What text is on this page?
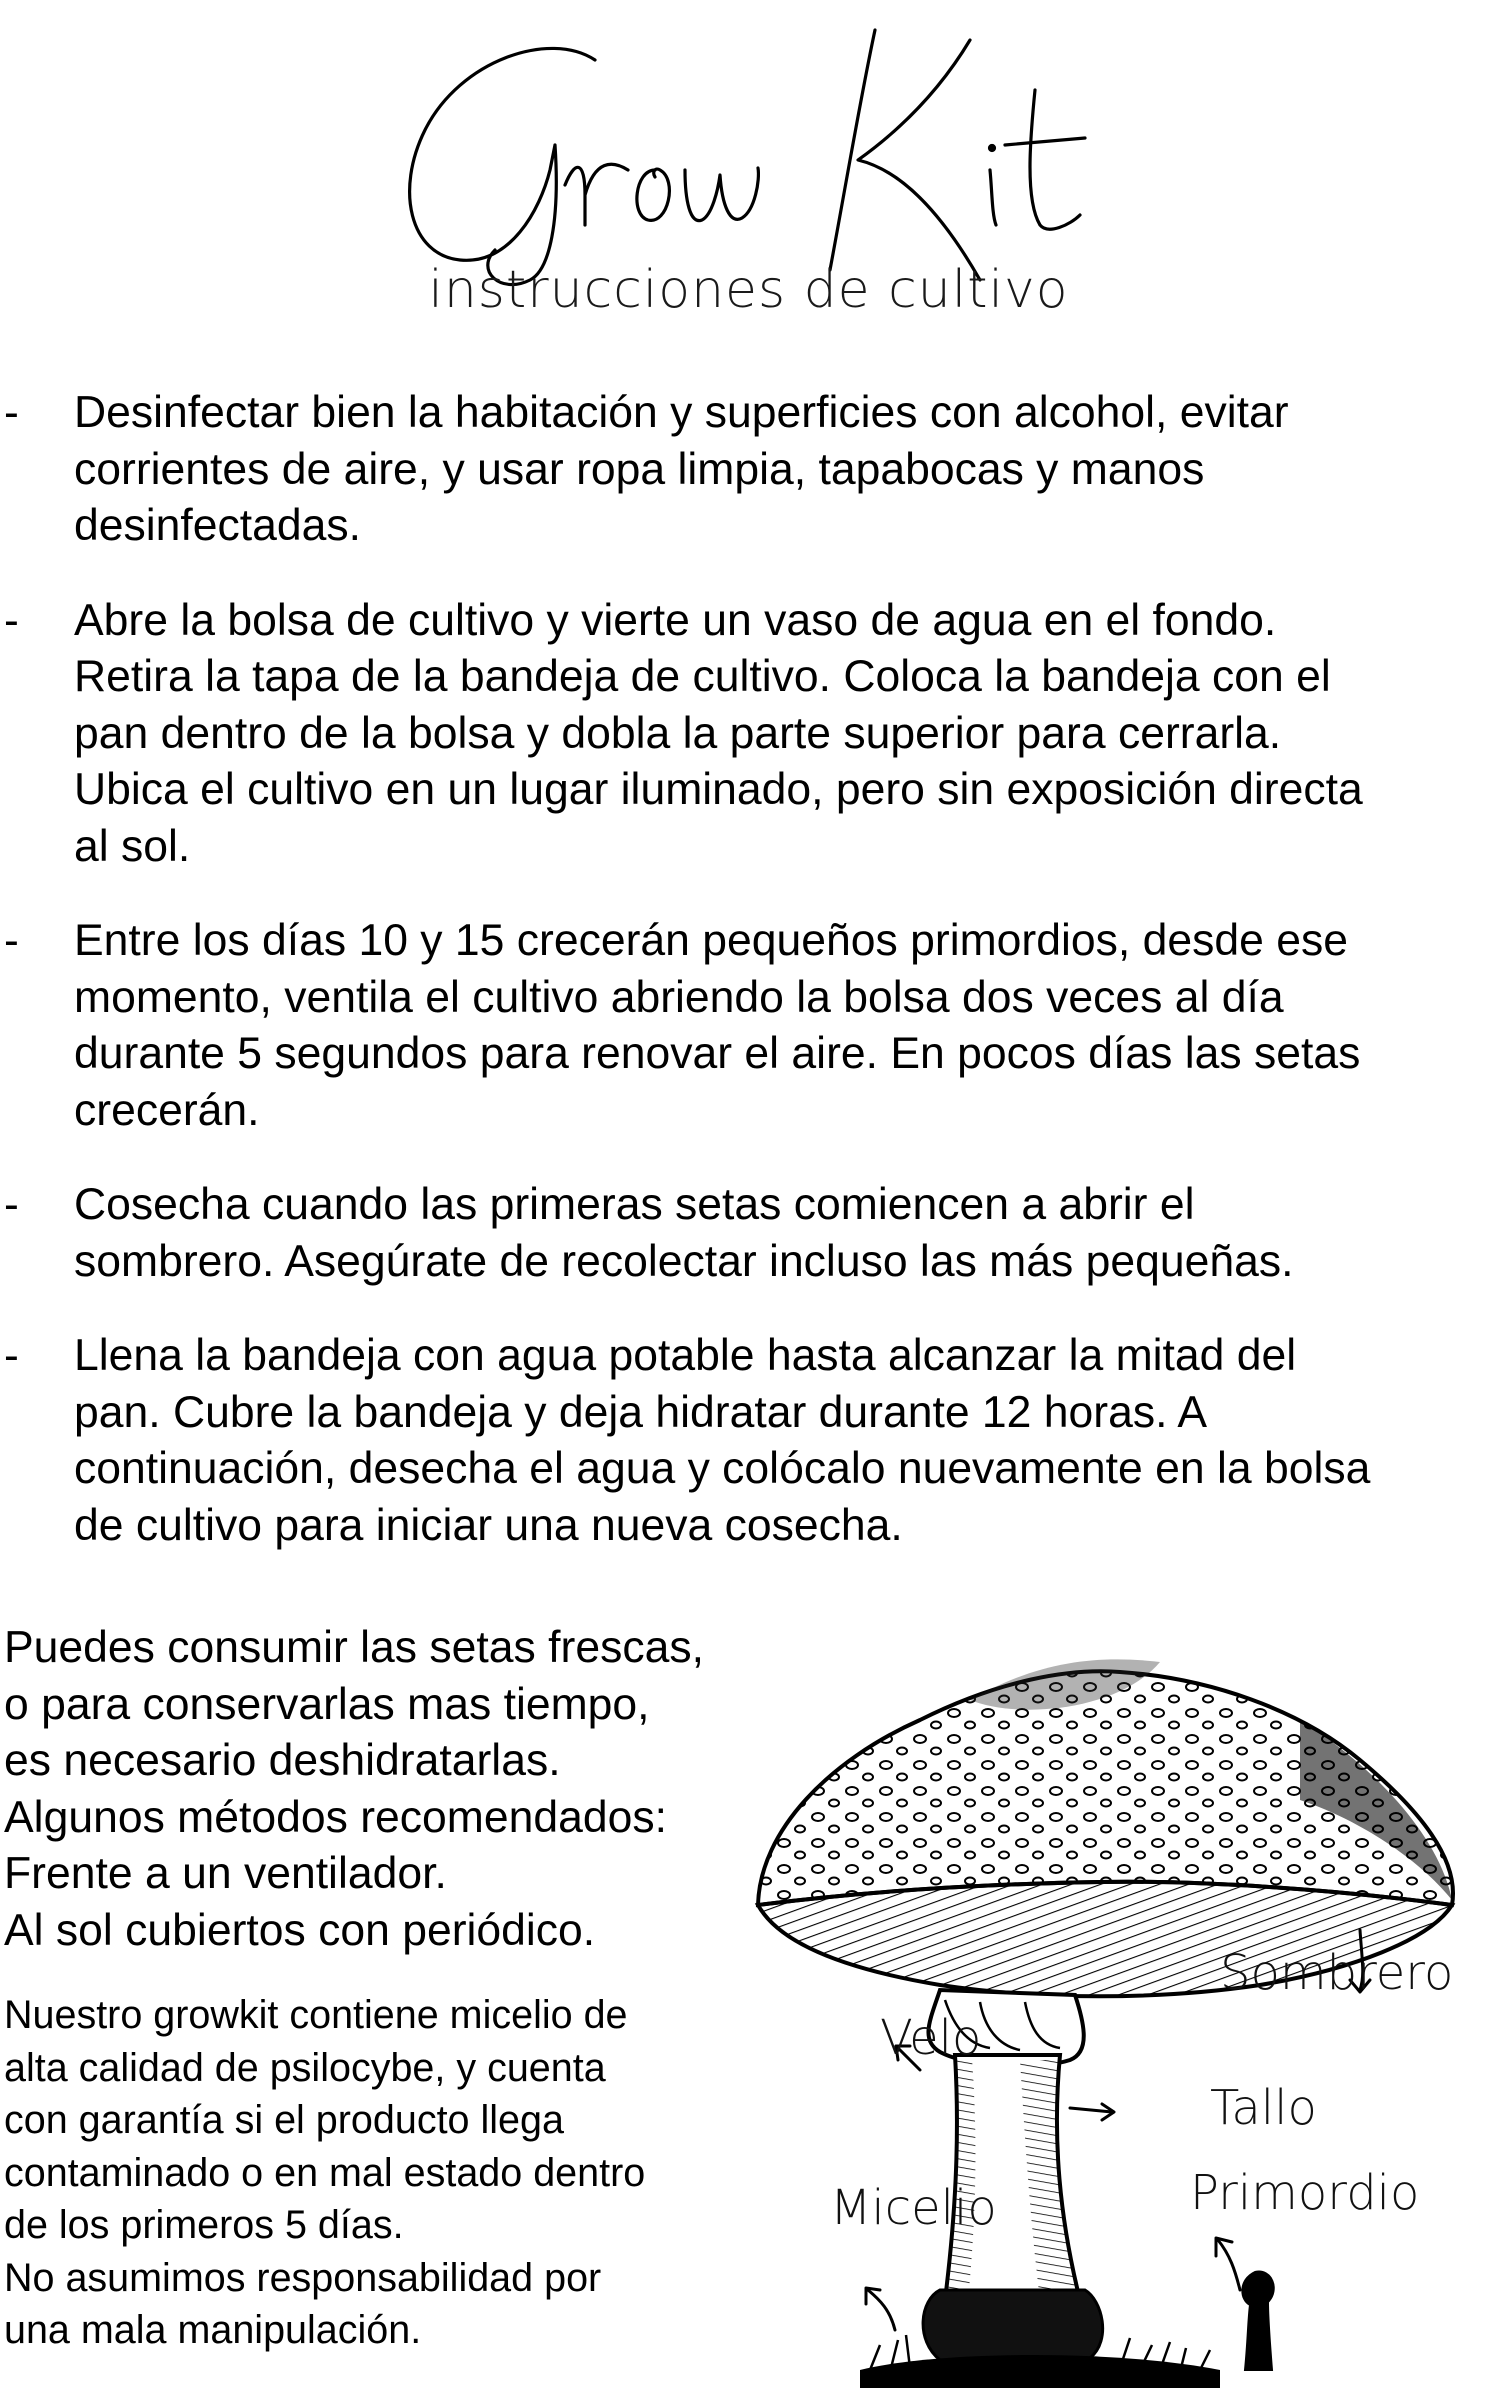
instrucciones de cultivo
- Desinfectar bien la habitación y superficies con alcohol, evitar
corrientes de aire, y usar ropa limpia, tapabocas y manos
desinfectadas.
- Abre la bolsa de cultivo y vierte un vaso de agua en el fondo.
Retira la tapa de la bandeja de cultivo. Coloca la bandeja con el
pan dentro de la bolsa y dobla la parte superior para cerrarla.
Ubica el cultivo en un lugar iluminado, pero sin exposición directa
al sol.
- Entre los días 10 y 15 crecerán pequeños primordios, desde ese
momento, ventila el cultivo abriendo la bolsa dos veces al día
durante 5 segundos para renovar el aire. En pocos días las setas
crecerán.
- Cosecha cuando las primeras setas comiencen a abrir el
sombrero. Asegúrate de recolectar incluso las más pequeñas.
- Llena la bandeja con agua potable hasta alcanzar la mitad del
pan. Cubre la bandeja y deja hidratar durante 12 horas. A
continuación, desecha el agua y colócalo nuevamente en la bolsa
de cultivo para iniciar una nueva cosecha.

Puedes consumir las setas frescas,
o para conservarlas mas tiempo,
es necesario deshidratarlas.
Algunos métodos recomendados:
Frente a un ventilador.
Al sol cubiertos con periódico.

Nuestro growkit contiene micelio de
alta calidad de psilocybe, y cuenta
con garantía si el producto llega
contaminado o en mal estado dentro
de los primeros 5 días.
No asumimos responsabilidad por
una mala manipulación.
Sombrero
Velo
Tallo
Primordio
Micelio
